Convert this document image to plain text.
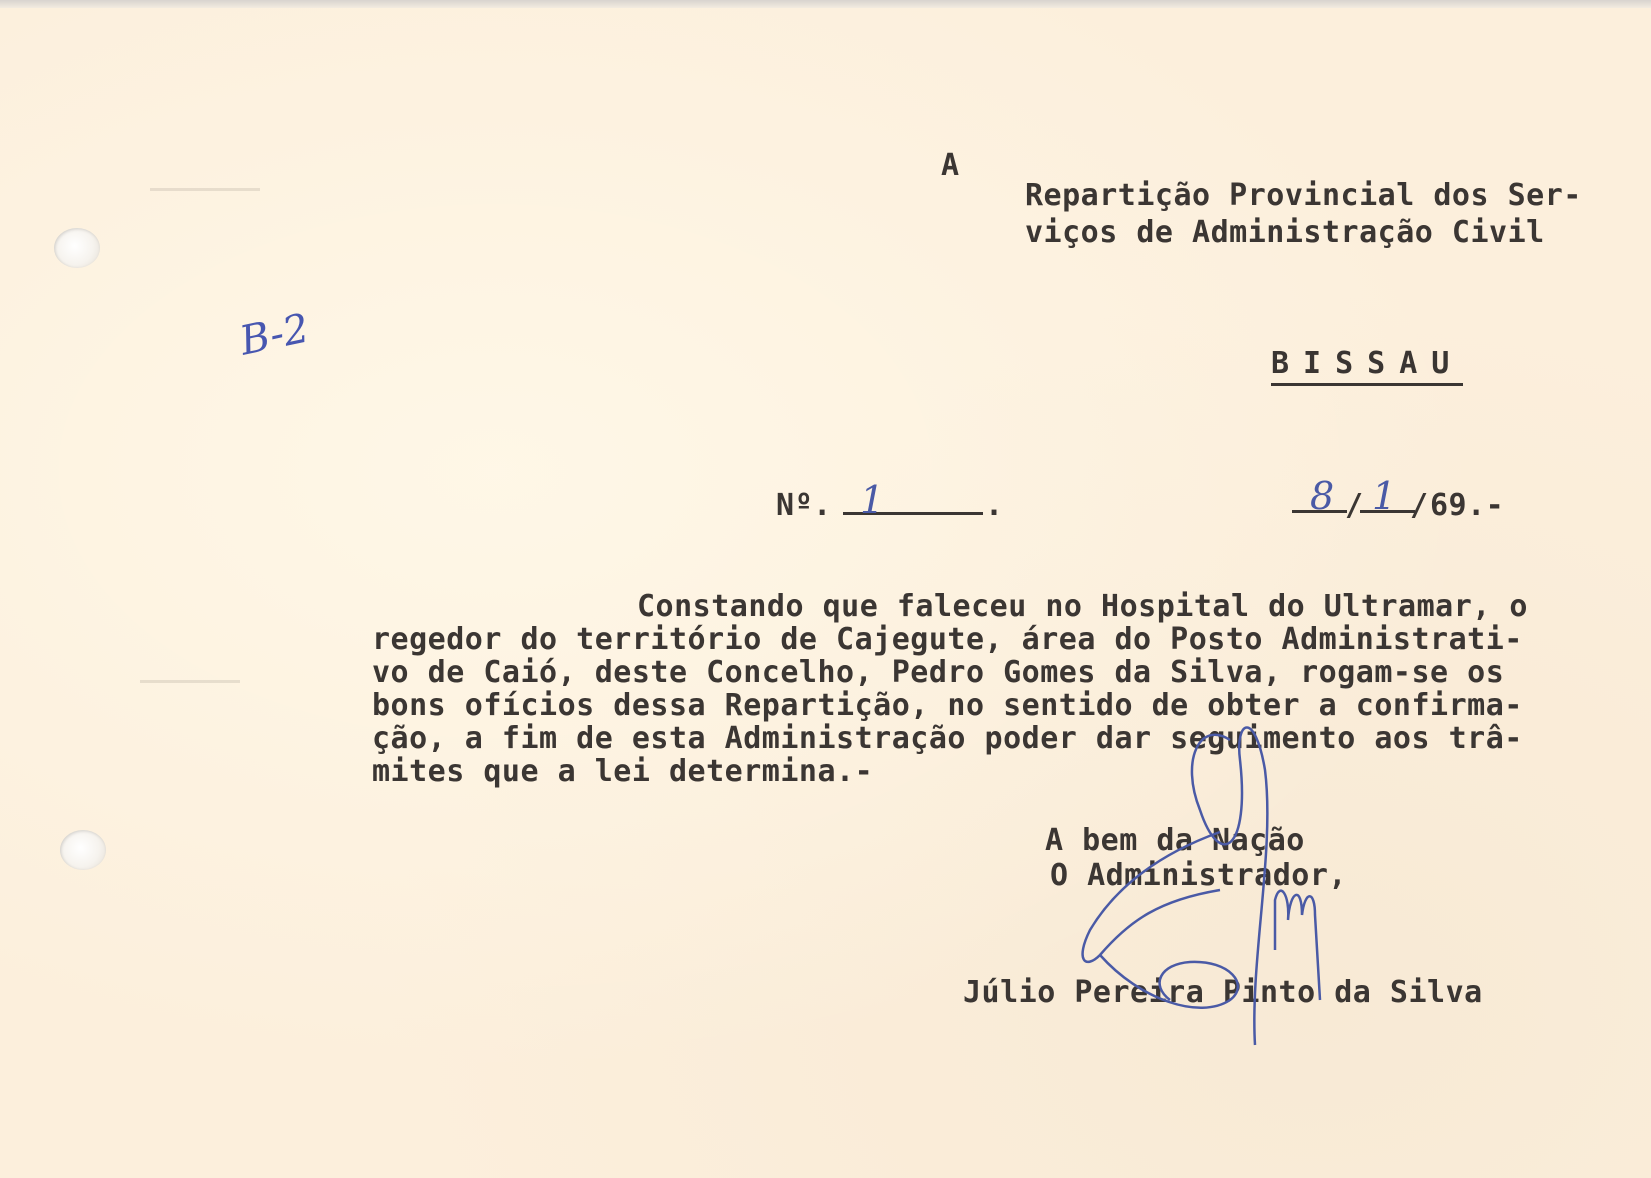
B-2
A
Repartição Provincial dos Ser-
viços de Administração Civil
BISSAU
Nº. 1	.	8 / 1 / 69.-
Constando que faleceu no Hospital do Ultramar, o
regedor do território de Cajegute, área do Posto Administrati-
vo de Caió, deste Concelho, Pedro Gomes da Silva, rogam-se os
bons ofícios dessa Repartição, no sentido de obter a confirma-
ção, a fim de esta Administração poder dar seguimento aos trâ-
mites que a lei determina.-
A bem da Nação
O Administrador,
Júlio Pereira Pinto da Silva
